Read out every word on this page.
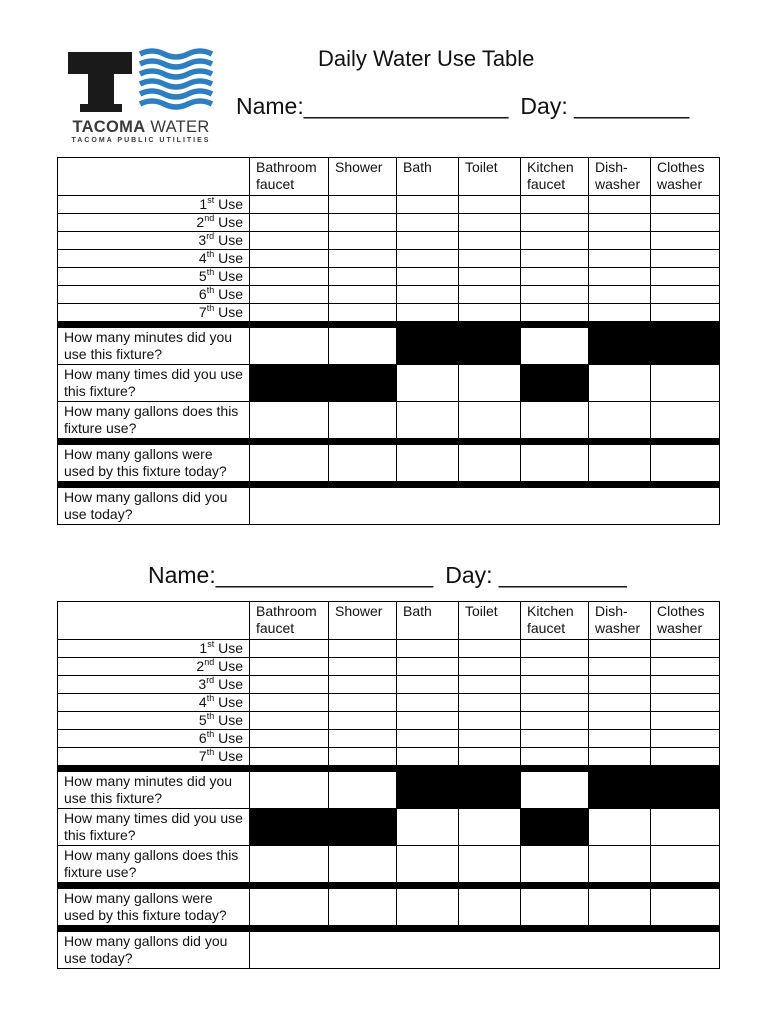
TACOMA WATER
TACOMA PUBLIC UTILITIES
Daily Water Use Table
Name:________________ Day: _________
	Bathroom faucet	Shower	Bath	Toilet	Kitchen faucet	Dish-washer	Clothes washer
1st Use							
2nd Use							
3rd Use							
4th Use							
5th Use							
6th Use							
7th Use							

How many minutes did you use this fixture?							
How many times did you use this fixture?							
How many gallons does this fixture use?							

How many gallons were used by this fixture today?							

How many gallons did you use today?							
Name:_________________ Day: __________
	Bathroom faucet	Shower	Bath	Toilet	Kitchen faucet	Dish-washer	Clothes washer
1st Use							
2nd Use							
3rd Use							
4th Use							
5th Use							
6th Use							
7th Use							

How many minutes did you use this fixture?							
How many times did you use this fixture?							
How many gallons does this fixture use?							

How many gallons were used by this fixture today?							

How many gallons did you use today?							
